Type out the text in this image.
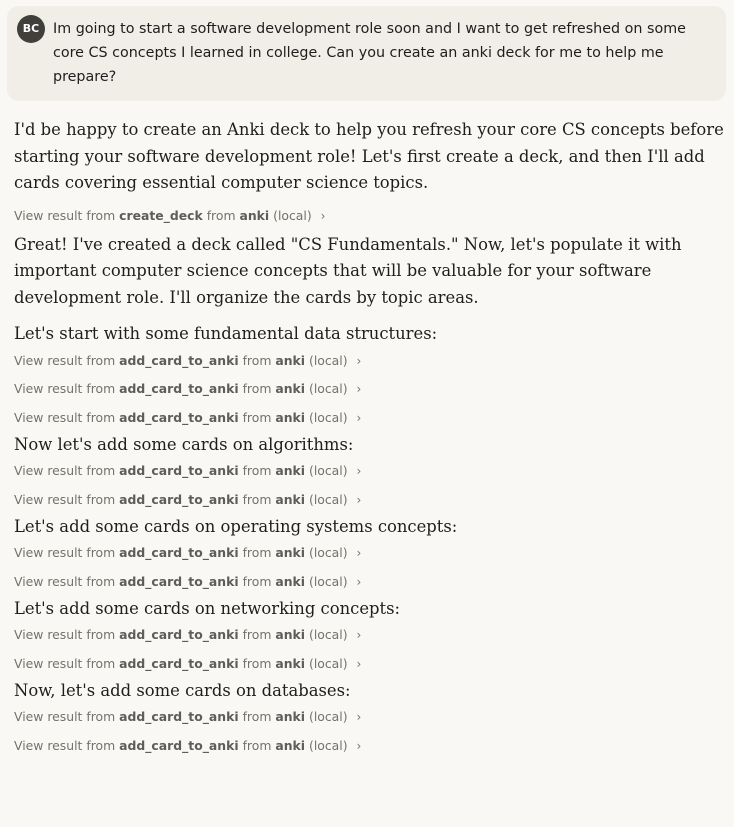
BC Im going to start a software development role soon and I want to get refreshed on some core CS concepts I learned in college. Can you create an anki deck for me to help me prepare?

I'd be happy to create an Anki deck to help you refresh your core CS concepts before starting your software development role! Let's first create a deck, and then I'll add cards covering essential computer science topics.

View result from create_deck from anki (local) ›

Great! I've created a deck called "CS Fundamentals." Now, let's populate it with important computer science concepts that will be valuable for your software development role. I'll organize the cards by topic areas.

Let's start with some fundamental data structures:

View result from add_card_to_anki from anki (local) ›
View result from add_card_to_anki from anki (local) ›
View result from add_card_to_anki from anki (local) ›

Now let's add some cards on algorithms:

View result from add_card_to_anki from anki (local) ›
View result from add_card_to_anki from anki (local) ›

Let's add some cards on operating systems concepts:

View result from add_card_to_anki from anki (local) ›
View result from add_card_to_anki from anki (local) ›

Let's add some cards on networking concepts:

View result from add_card_to_anki from anki (local) ›
View result from add_card_to_anki from anki (local) ›

Now, let's add some cards on databases:

View result from add_card_to_anki from anki (local) ›
View result from add_card_to_anki from anki (local) ›
